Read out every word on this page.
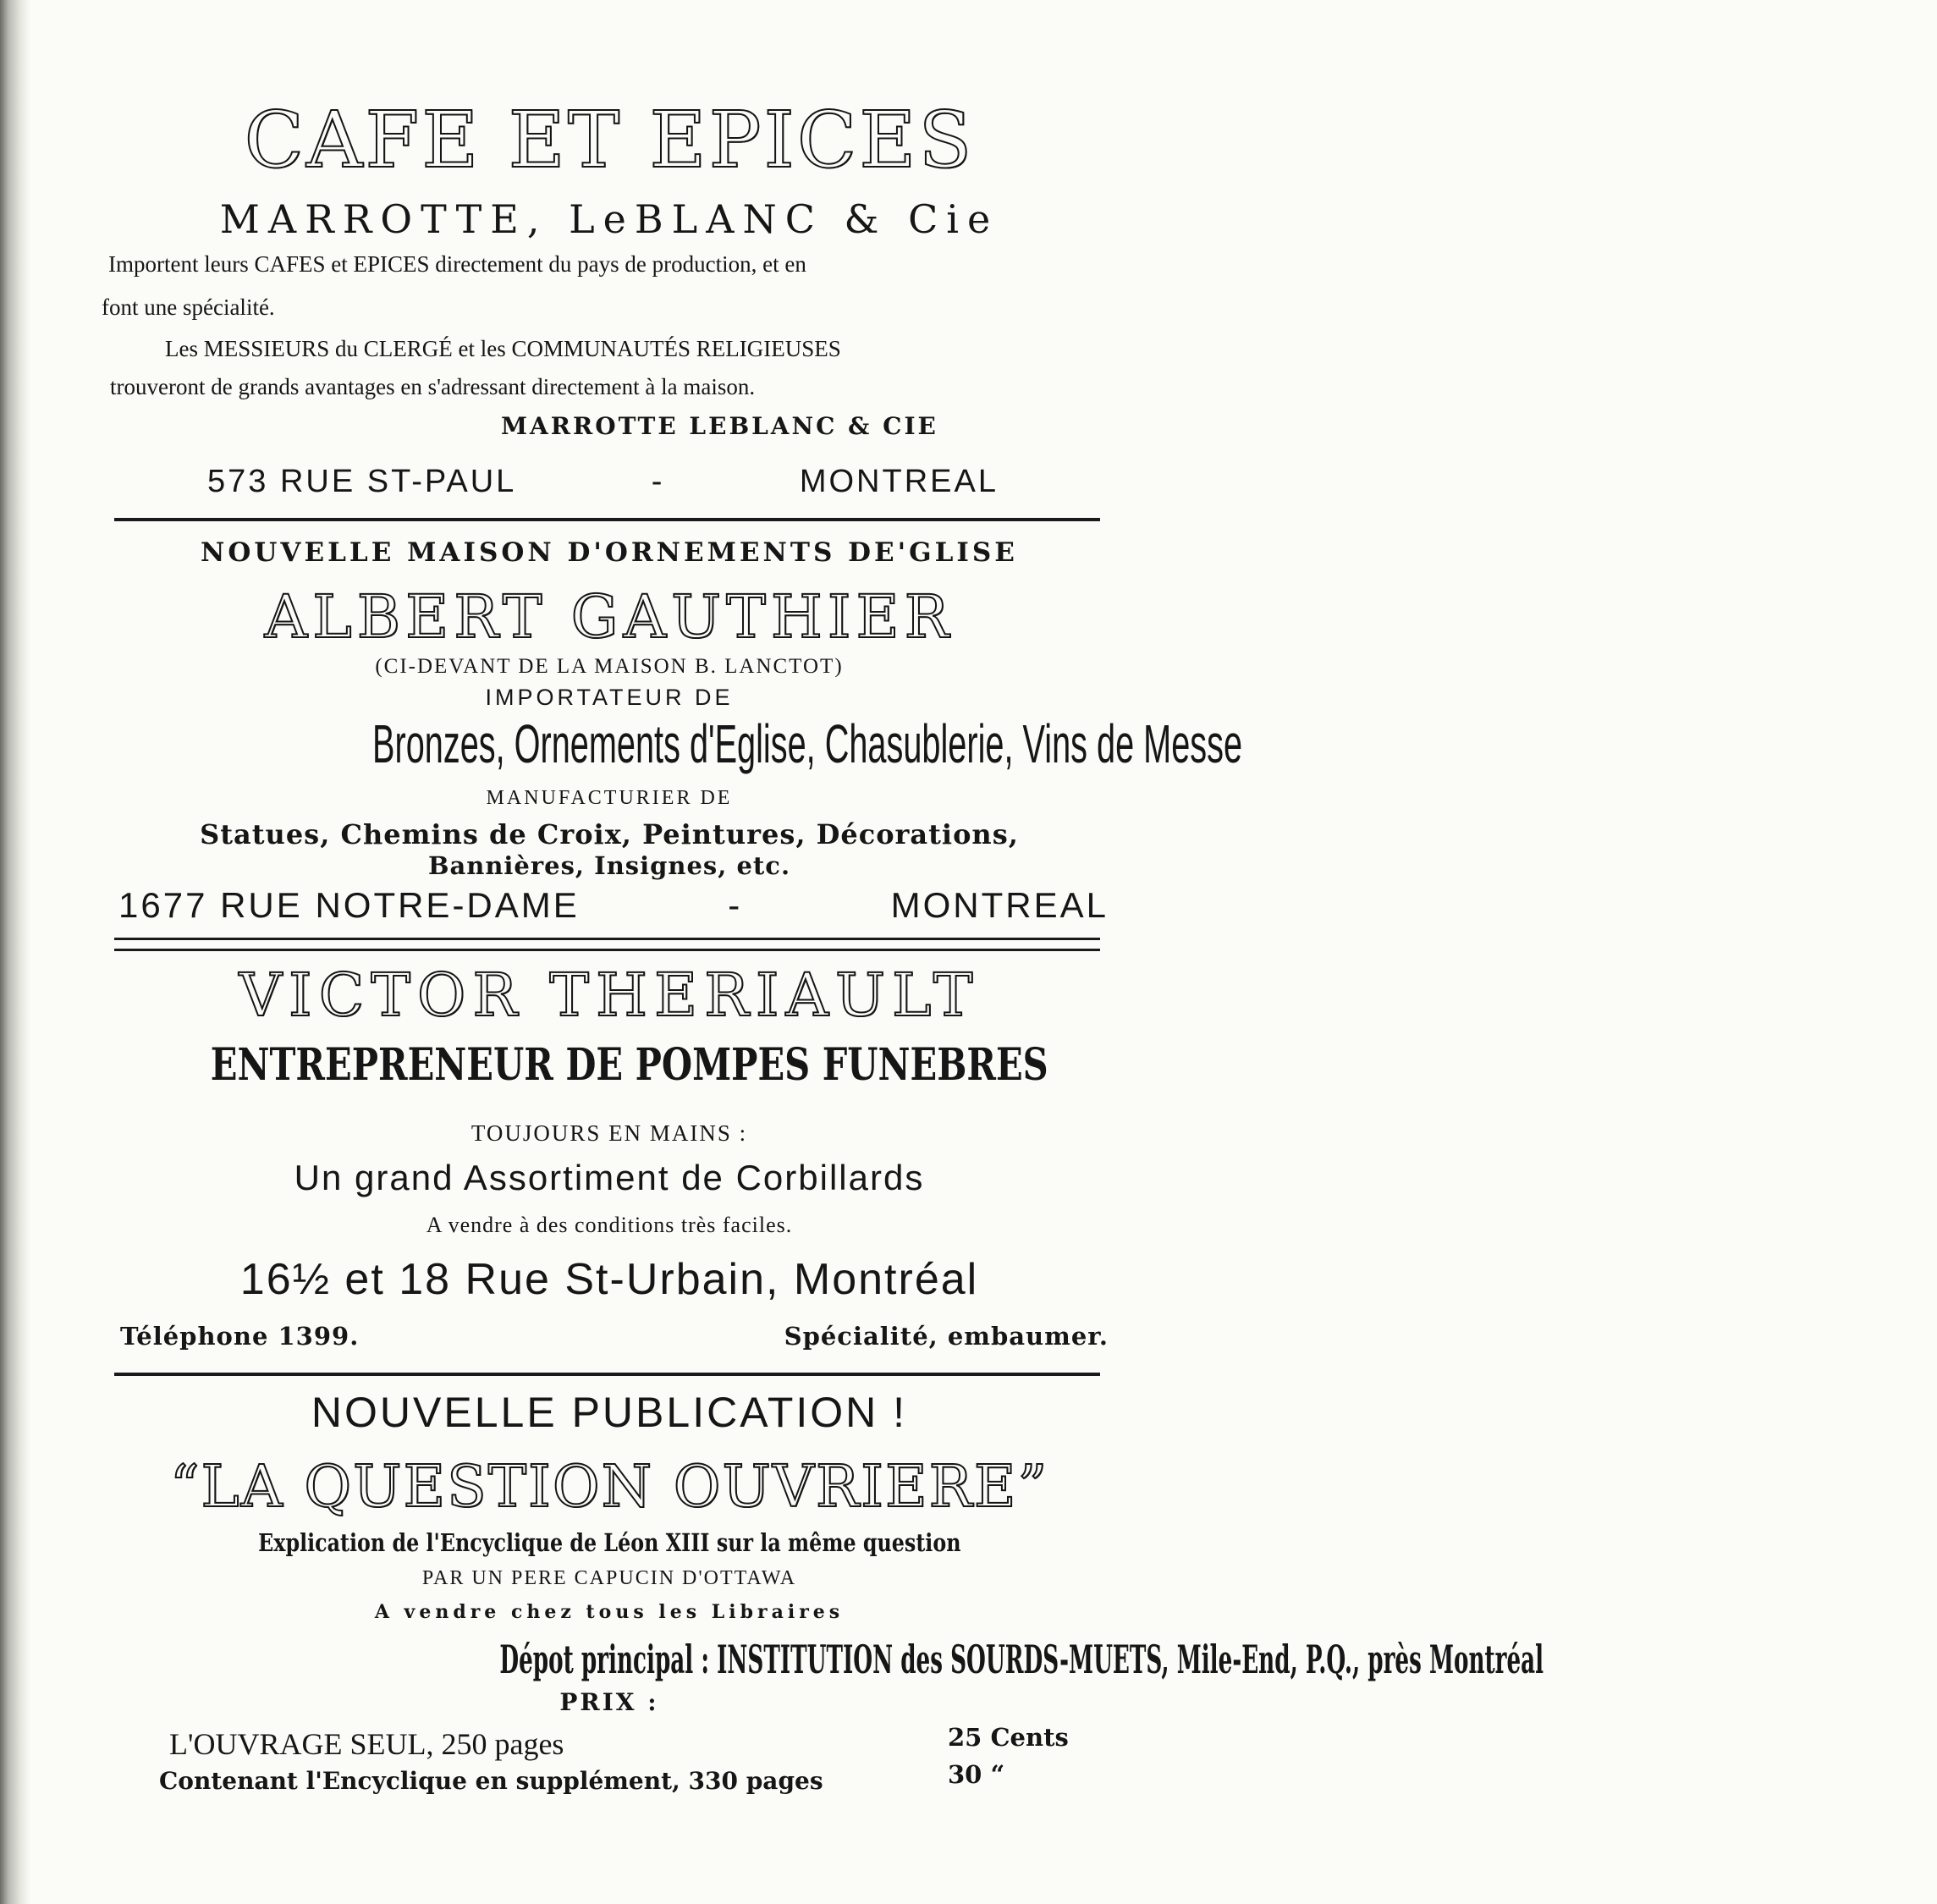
CAFE ET EPICES
MARROTTE, LeBLANC & Cie
Importent leurs CAFES et EPICES directement du pays de production, et en
font une spécialité.
Les MESSIEURS du CLERGÉ et les COMMUNAUTÉS RELIGIEUSES
trouveront de grands avantages en s'adressant directement à la maison.
MARROTTE LEBLANC & CIE
573 RUE ST-PAUL	-	MONTREAL
NOUVELLE MAISON D'ORNEMENTS DE'GLISE
ALBERT GAUTHIER
(CI-DEVANT DE LA MAISON B. LANCTOT)
IMPORTATEUR DE
Bronzes, Ornements d'Eglise, Chasublerie, Vins de Messe
MANUFACTURIER DE
Statues, Chemins de Croix, Peintures, Décorations,
Bannières, Insignes, etc.
1677 RUE NOTRE-DAME	-	MONTREAL
VICTOR THERIAULT
ENTREPRENEUR DE POMPES FUNEBRES
TOUJOURS EN MAINS :
Un grand Assortiment de Corbillards
A vendre à des conditions très faciles.
16½ et 18 Rue St-Urbain, Montréal
Téléphone 1399.	Spécialité, embaumer.
NOUVELLE PUBLICATION !
“LA QUESTION OUVRIERE”
Explication de l'Encyclique de Léon XIII sur la même question
PAR UN PERE CAPUCIN D'OTTAWA
A vendre chez tous les Libraires
Dépot principal : INSTITUTION des SOURDS-MUETS, Mile-End, P.Q., près Montréal
PRIX :
L'OUVRAGE SEUL, 250 pages	25 Cents
Contenant l'Encyclique en supplément, 330 pages	30 “
